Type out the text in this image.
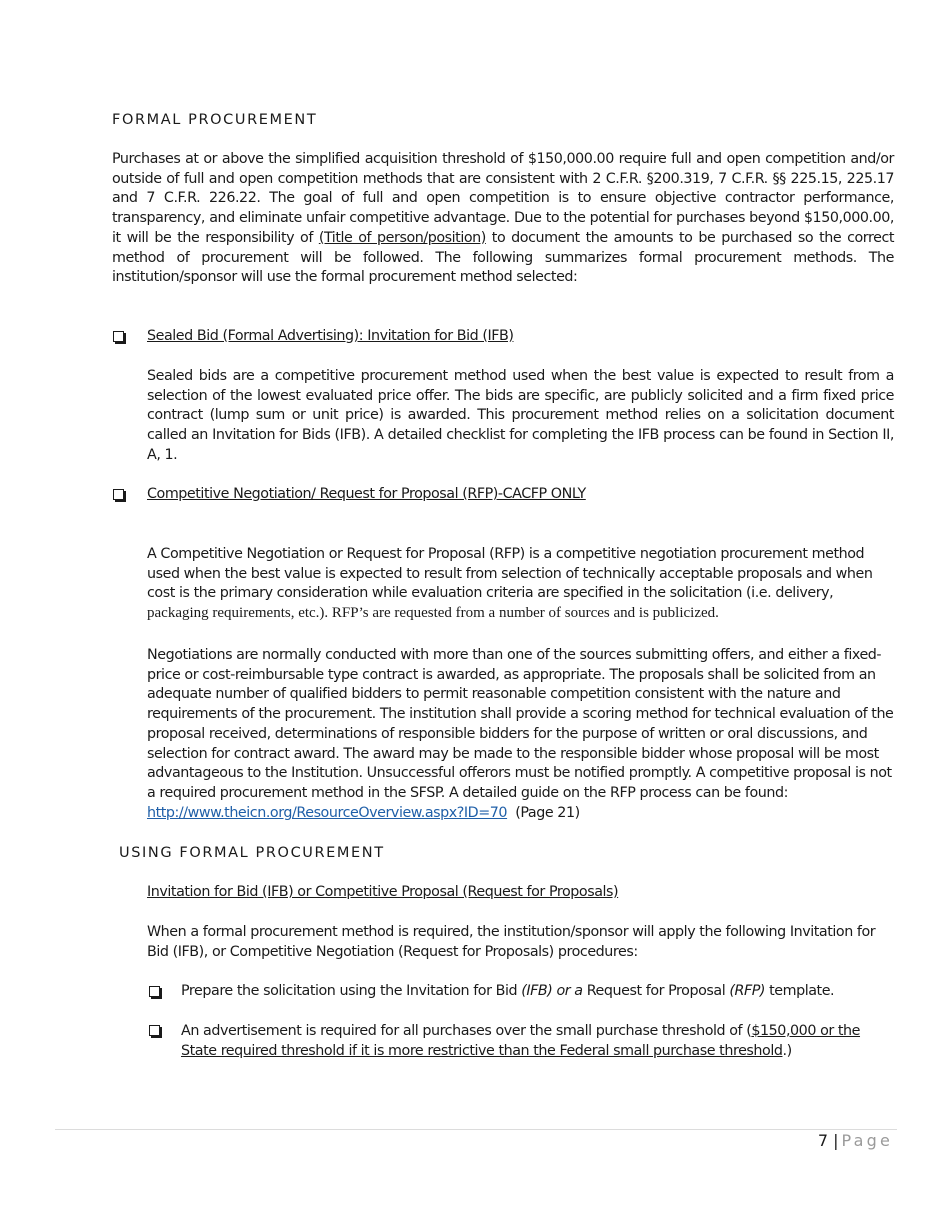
FORMAL PROCUREMENT
Purchases at or above the simplified acquisition threshold of $150,000.00 require full and open competition and/or outside of full and open competition methods that are consistent with 2 C.F.R. §200.319, 7 C.F.R. §§ 225.15, 225.17 and 7 C.F.R. 226.22. The goal of full and open competition is to ensure objective contractor performance, transparency, and eliminate unfair competitive advantage. Due to the potential for purchases beyond $150,000.00, it will be the responsibility of (Title of person/position) to document the amounts to be purchased so the correct method of procurement will be followed. The following summarizes formal procurement methods. The institution/sponsor will use the formal procurement method selected:
Sealed Bid (Formal Advertising): Invitation for Bid (IFB)
Sealed bids are a competitive procurement method used when the best value is expected to result from a selection of the lowest evaluated price offer. The bids are specific, are publicly solicited and a firm fixed price contract (lump sum or unit price) is awarded. This procurement method relies on a solicitation document called an Invitation for Bids (IFB). A detailed checklist for completing the IFB process can be found in Section II, A, 1.
Competitive Negotiation/ Request for Proposal (RFP)-CACFP ONLY
A Competitive Negotiation or Request for Proposal (RFP) is a competitive negotiation procurement method used when the best value is expected to result from selection of technically acceptable proposals and when cost is the primary consideration while evaluation criteria are specified in the solicitation (i.e. delivery, packaging requirements, etc.). RFP’s are requested from a number of sources and is publicized.
Negotiations are normally conducted with more than one of the sources submitting offers, and either a fixed-price or cost-reimbursable type contract is awarded, as appropriate. The proposals shall be solicited from an adequate number of qualified bidders to permit reasonable competition consistent with the nature and requirements of the procurement. The institution shall provide a scoring method for technical evaluation of the proposal received, determinations of responsible bidders for the purpose of written or oral discussions, and selection for contract award. The award may be made to the responsible bidder whose proposal will be most advantageous to the Institution. Unsuccessful offerors must be notified promptly. A competitive proposal is not a required procurement method in the SFSP. A detailed guide on the RFP process can be found: http://www.theicn.org/ResourceOverview.aspx?ID=70  (Page 21)
USING FORMAL PROCUREMENT
Invitation for Bid (IFB) or Competitive Proposal (Request for Proposals)
When a formal procurement method is required, the institution/sponsor will apply the following Invitation for Bid (IFB), or Competitive Negotiation (Request for Proposals) procedures:
Prepare the solicitation using the Invitation for Bid (IFB) or a Request for Proposal (RFP) template.
An advertisement is required for all purchases over the small purchase threshold of ($150,000 or the State required threshold if it is more restrictive than the Federal small purchase threshold.)
7 | Page
